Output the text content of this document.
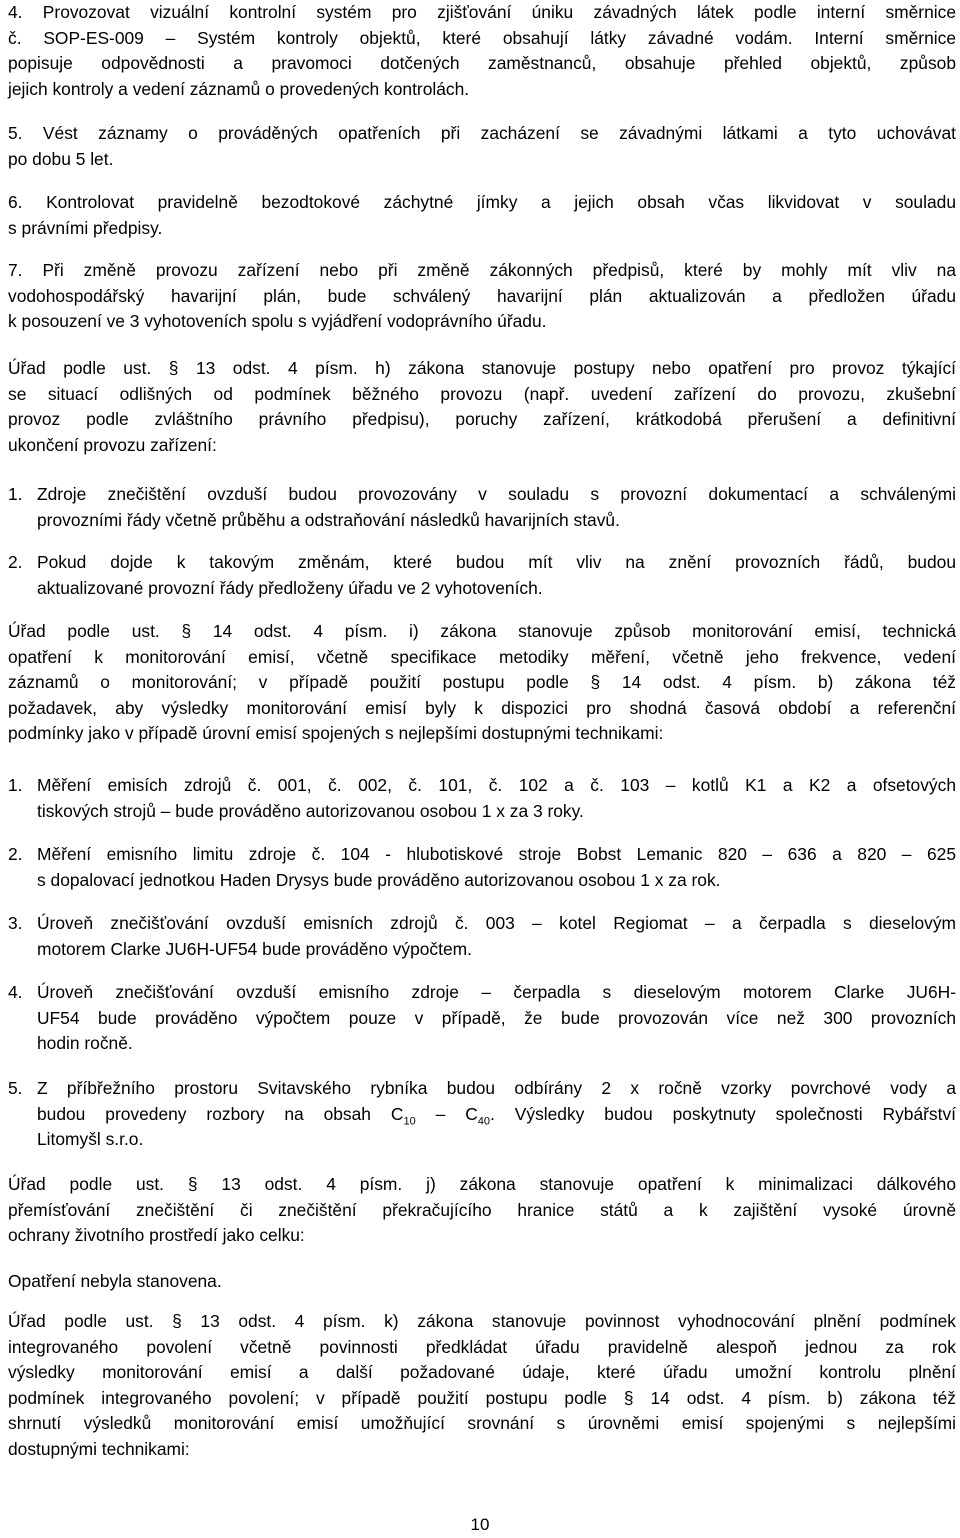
4. Provozovat vizuální kontrolní systém pro zjišťování úniku závadných látek podle interní směrnice

č. SOP-ES-009 – Systém kontroly objektů, které obsahují látky závadné vodám. Interní směrnice

popisuje odpovědnosti a pravomoci dotčených zaměstnanců, obsahuje přehled objektů, způsob

jejich kontroly a vedení záznamů o provedených kontrolách.

5. Vést záznamy o prováděných opatřeních při zacházení se závadnými látkami a tyto uchovávat

po dobu 5 let.

6. Kontrolovat pravidelně bezodtokové záchytné jímky a jejich obsah včas likvidovat v souladu

s právními předpisy.

7. Při změně provozu zařízení nebo při změně zákonných předpisů, které by mohly mít vliv na

vodohospodářský havarijní plán, bude schválený havarijní plán aktualizován a předložen úřadu

k posouzení ve 3 vyhotoveních spolu s vyjádření vodoprávního úřadu.

Úřad podle ust. § 13 odst. 4 písm. h) zákona stanovuje postupy nebo opatření pro provoz týkající

se situací odlišných od podmínek běžného provozu (např. uvedení zařízení do provozu, zkušební

provoz podle zvláštního právního předpisu), poruchy zařízení, krátkodobá přerušení a definitivní

ukončení provozu zařízení:

1. Zdroje znečištění ovzduší budou provozovány v souladu s provozní dokumentací a schválenými

provozními řády včetně průběhu a odstraňování následků havarijních stavů.

2. Pokud dojde k takovým změnám, které budou mít vliv na znění provozních řádů, budou

aktualizované provozní řády předloženy úřadu ve 2 vyhotoveních.

Úřad podle ust. § 14 odst. 4 písm. i) zákona stanovuje způsob monitorování emisí, technická

opatření k monitorování emisí, včetně specifikace metodiky měření, včetně jeho frekvence, vedení

záznamů o monitorování; v případě použití postupu podle § 14 odst. 4 písm. b) zákona též

požadavek, aby výsledky monitorování emisí byly k dispozici pro shodná časová období a referenční

podmínky jako v případě úrovní emisí spojených s nejlepšími dostupnými technikami:

1. Měření emisích zdrojů č. 001, č. 002, č. 101, č. 102 a č. 103 – kotlů K1 a K2 a ofsetových

tiskových strojů – bude prováděno autorizovanou osobou 1 x za 3 roky.

2. Měření emisního limitu zdroje č. 104 - hlubotiskové stroje Bobst Lemanic 820 – 636 a 820 – 625

s dopalovací jednotkou Haden Drysys bude prováděno autorizovanou osobou 1 x za rok.

3. Úroveň znečišťování ovzduší emisních zdrojů č. 003 – kotel Regiomat – a čerpadla s dieselovým

motorem Clarke JU6H-UF54 bude prováděno výpočtem.

4. Úroveň znečišťování ovzduší emisního zdroje – čerpadla s dieselovým motorem Clarke JU6H-

UF54 bude prováděno výpočtem pouze v případě, že bude provozován více než 300 provozních

hodin ročně.

5. Z příbřežního prostoru Svitavského rybníka budou odbírány 2 x ročně vzorky povrchové vody a

budou provedeny rozbory na obsah $C_{10} - C_{40}$. Výsledky budou poskytnuty společnosti Rybářství

Litomyšl s.r.o.

Úřad podle ust. § 13 odst. 4 písm. j) zákona stanovuje opatření k minimalizaci dálkového

přemísťování znečištění či znečištění překračujícího hranice států a k zajištění vysoké úrovně

ochrany životního prostředí jako celku:

Opatření nebyla stanovena.

Úřad podle ust. § 13 odst. 4 písm. k) zákona stanovuje povinnost vyhodnocování plnění podmínek

integrovaného povolení včetně povinnosti předkládat úřadu pravidelně alespoň jednou za rok

výsledky monitorování emisí a další požadované údaje, které úřadu umožní kontrolu plnění

podmínek integrovaného povolení; v případě použití postupu podle § 14 odst. 4 písm. b) zákona též

shrnutí výsledků monitorování emisí umožňující srovnání s úrovněmi emisí spojenými s nejlepšími

dostupnými technikami:

10
